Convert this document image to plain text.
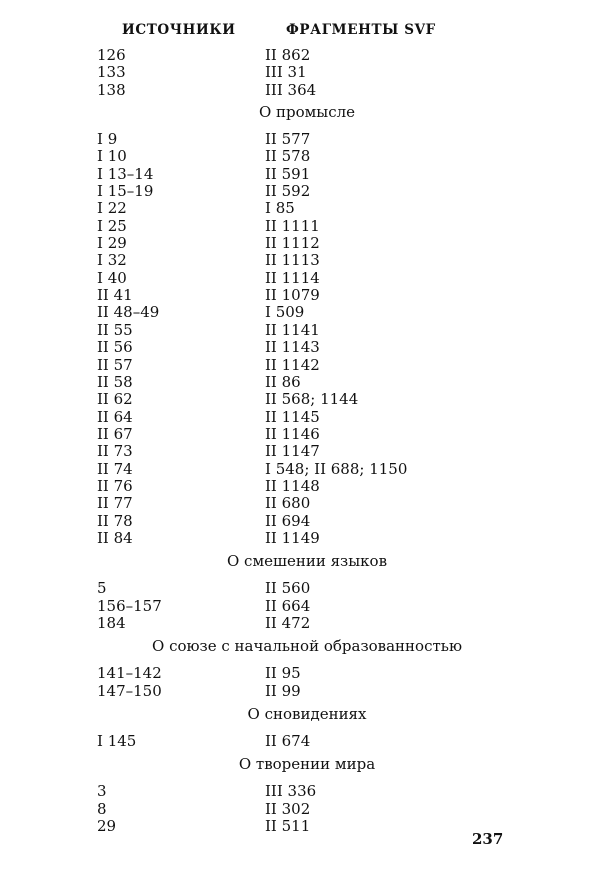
ИСТОЧНИКИ	ФРАГМЕНТЫ SVF
126	II 862
133	III 31
138	III 364
О промысле
I 9	II 577
I 10	II 578
I 13–14	II 591
I 15–19	II 592
I 22	I 85
I 25	II 1111
I 29	II 1112
I 32	II 1113
I 40	II 1114
II 41	II 1079
II 48–49	I 509
II 55	II 1141
II 56	II 1143
II 57	II 1142
II 58	II 86
II 62	II 568; 1144
II 64	II 1145
II 67	II 1146
II 73	II 1147
II 74	I 548; II 688; 1150
II 76	II 1148
II 77	II 680
II 78	II 694
II 84	II 1149
О смешении языков
5	II 560
156–157	II 664
184	II 472
О союзе с начальной образованностью
141–142	II 95
147–150	II 99
О сновидениях
I 145	II 674
О творении мира
3	III 336
8	II 302
29	II 511
237
